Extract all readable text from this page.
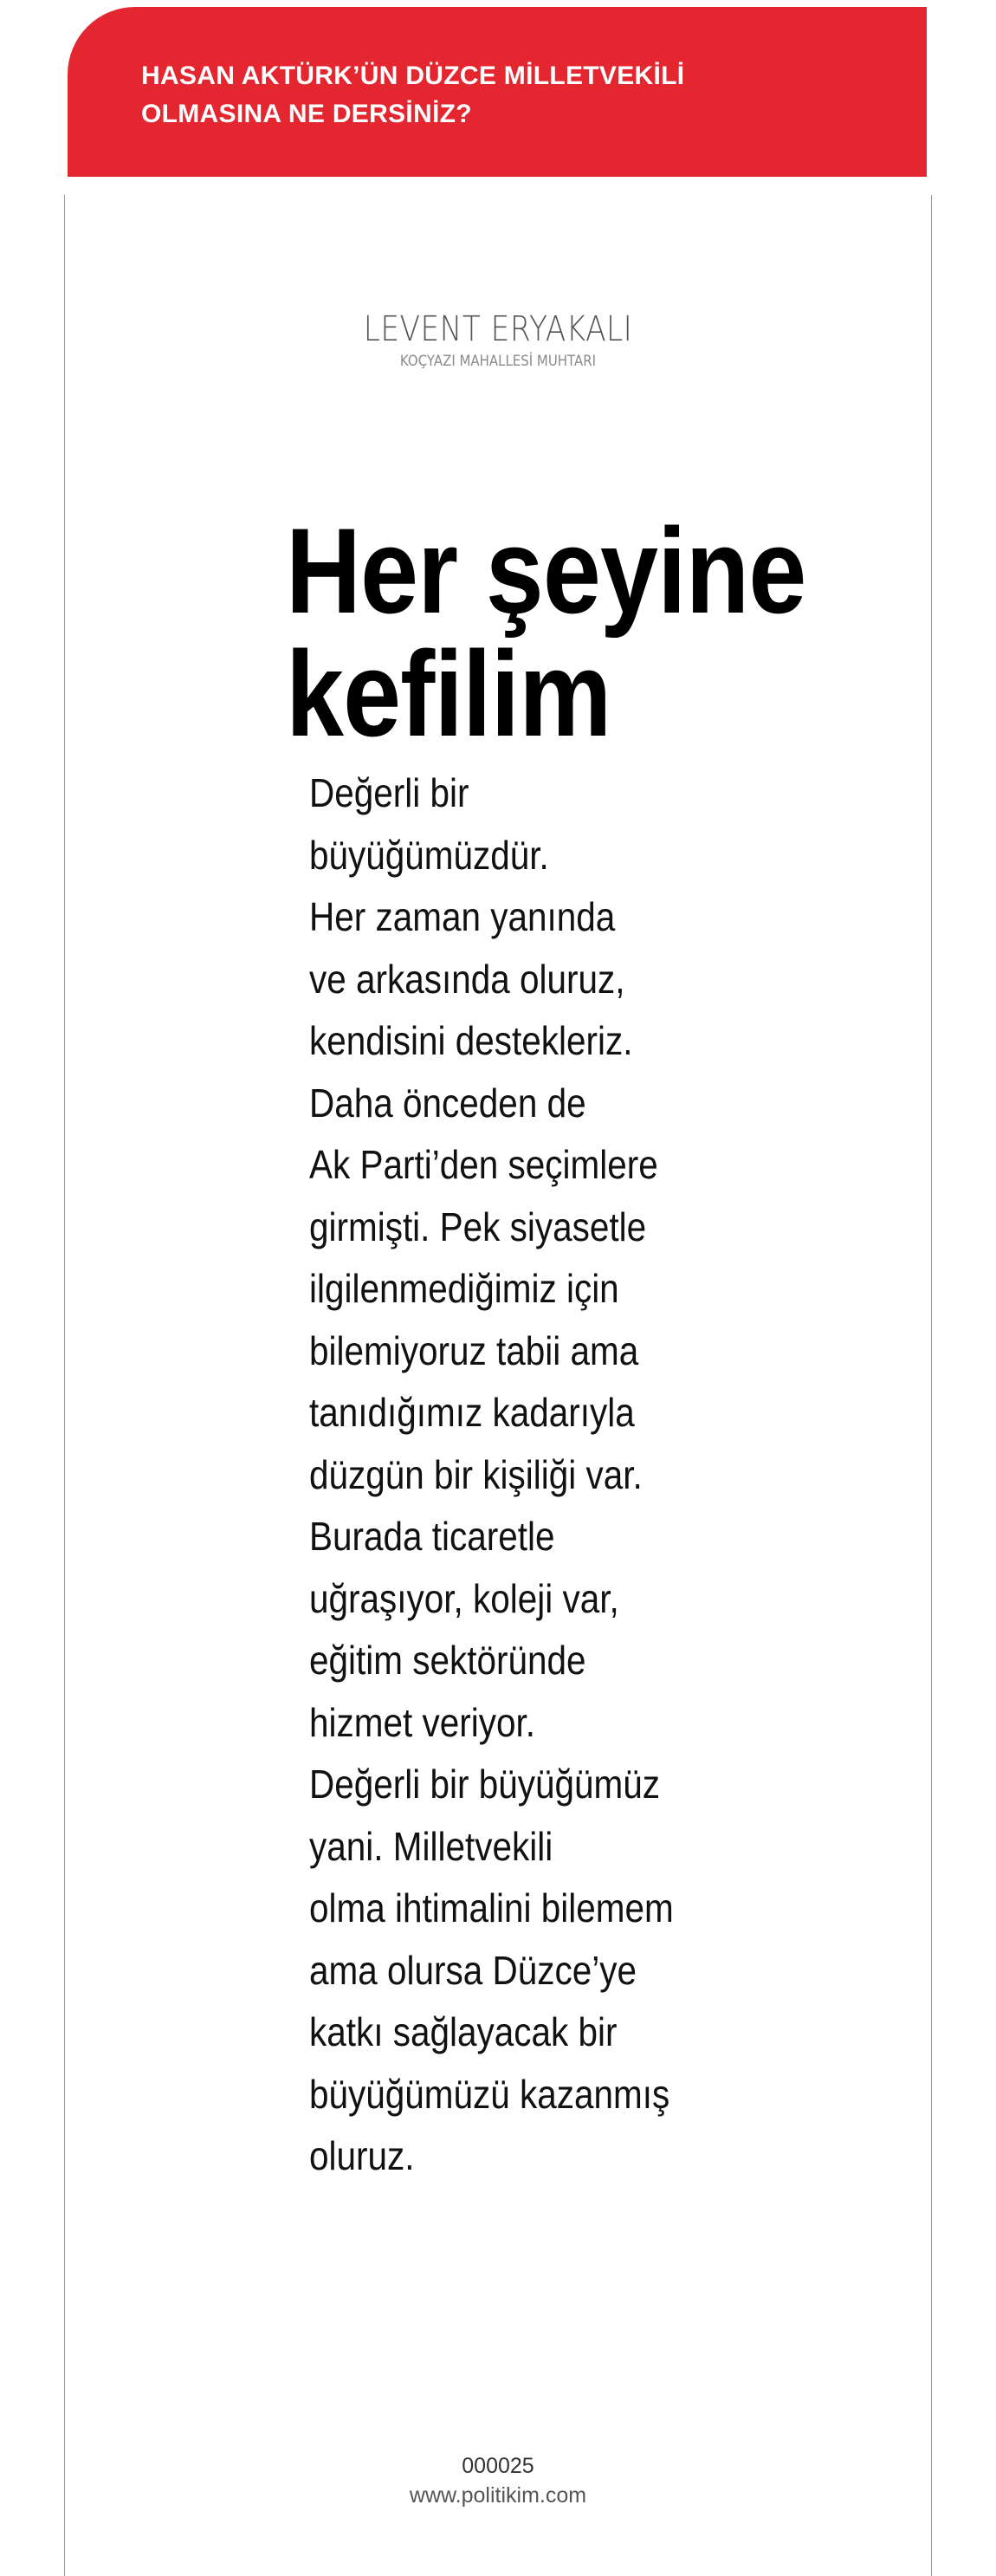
HASAN AKTÜRK’ÜN DÜZCE MİLLETVEKİLİ
OLMASINA NE DERSİNİZ?

LEVENT ERYAKALI

KOÇYAZI MAHALLESİ MUHTARI

Her şeyine
kefilim
Değerli bir
büyüğümüzdür.
Her zaman yanında
ve arkasında oluruz,
kendisini destekleriz.
Daha önceden de
Ak Parti’den seçimlere
girmişti. Pek siyasetle
ilgilenmediğimiz için
bilemiyoruz tabii ama
tanıdığımız kadarıyla
düzgün bir kişiliği var.
Burada ticaretle
uğraşıyor, koleji var,
eğitim sektöründe
hizmet veriyor.
Değerli bir büyüğümüz
yani. Milletvekili
olma ihtimalini bilemem
ama olursa Düzce’ye
katkı sağlayacak bir
büyüğümüzü kazanmış
oluruz.
000025
www.politikim.com
